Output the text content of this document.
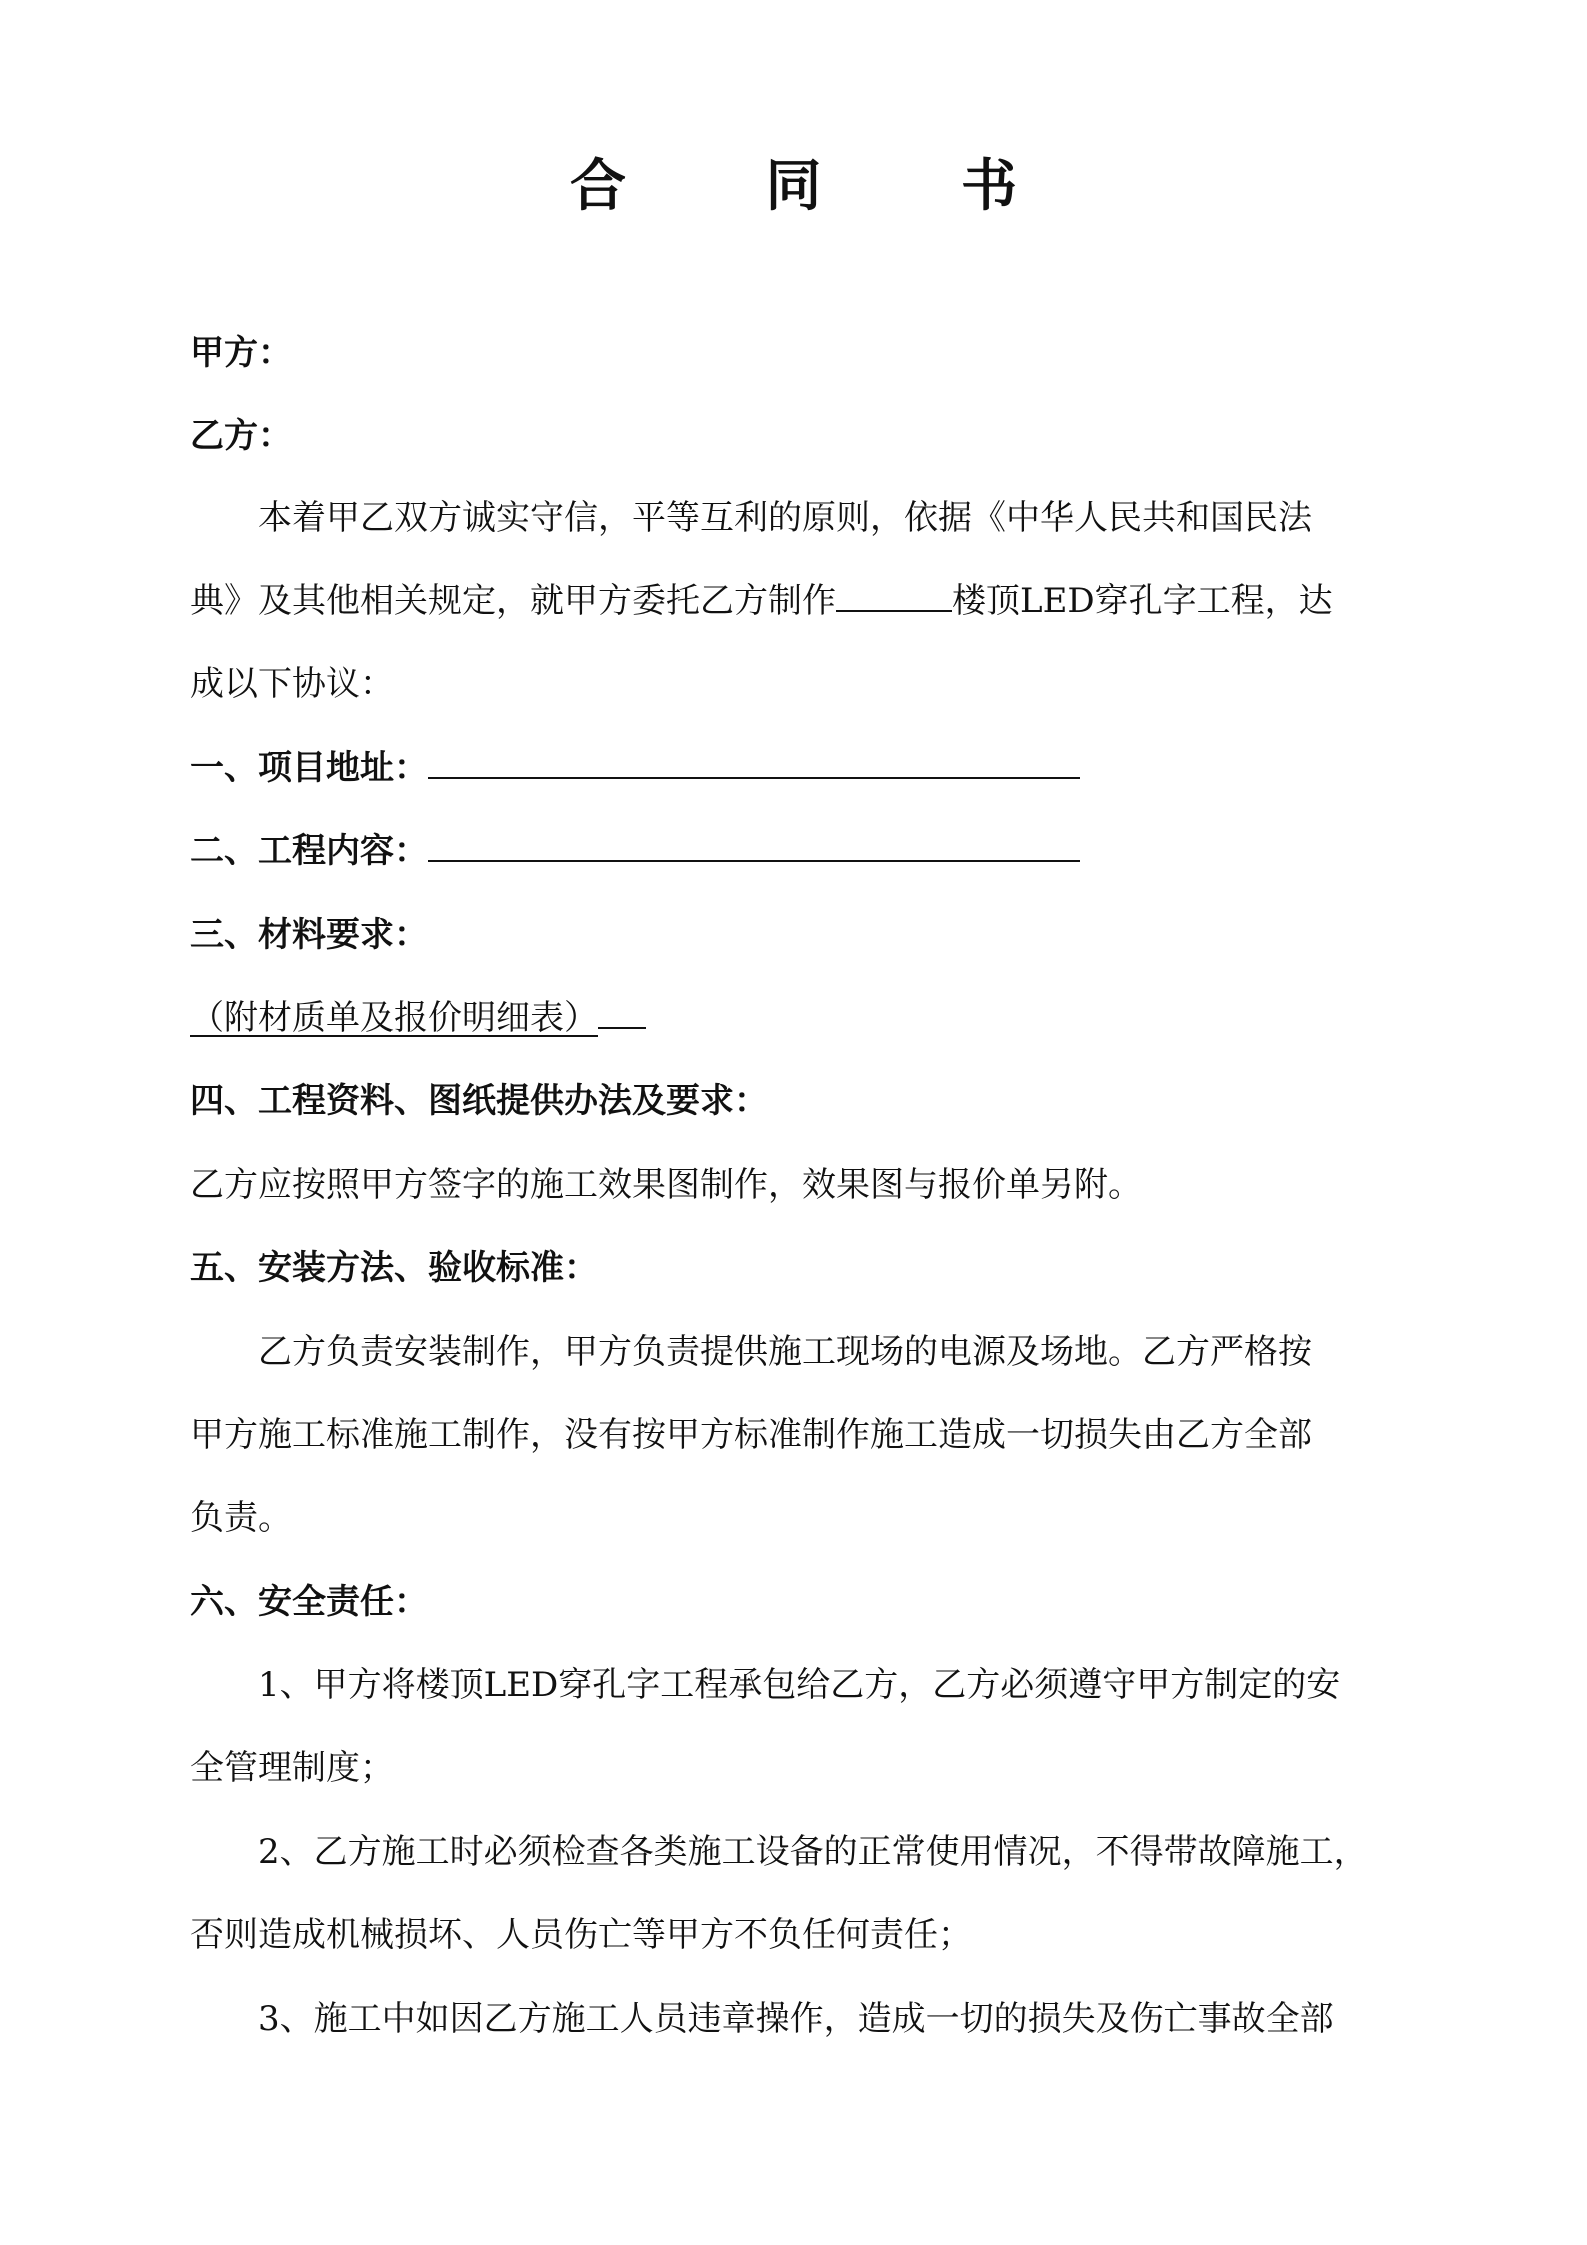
合 同 书
甲方：
乙方：
本着甲乙双方诚实守信，平等互利的原则，依据《中华人民共和国民法
典》及其他相关规定，就甲方委托乙方制作	楼顶LED穿孔字工程，达
成以下协议：
一、项目地址：
二、工程内容：
三、材料要求：
（附材质单及报价明细表）
四、工程资料、图纸提供办法及要求：
乙方应按照甲方签字的施工效果图制作，效果图与报价单另附。
五、安装方法、验收标准：
乙方负责安装制作，甲方负责提供施工现场的电源及场地。乙方严格按
甲方施工标准施工制作，没有按甲方标准制作施工造成一切损失由乙方全部
负责。
六、安全责任：
1、甲方将楼顶LED穿孔字工程承包给乙方，乙方必须遵守甲方制定的安
全管理制度；
2、乙方施工时必须检查各类施工设备的正常使用情况，不得带故障施工，
否则造成机械损坏、人员伤亡等甲方不负任何责任；
3、施工中如因乙方施工人员违章操作，造成一切的损失及伤亡事故全部
